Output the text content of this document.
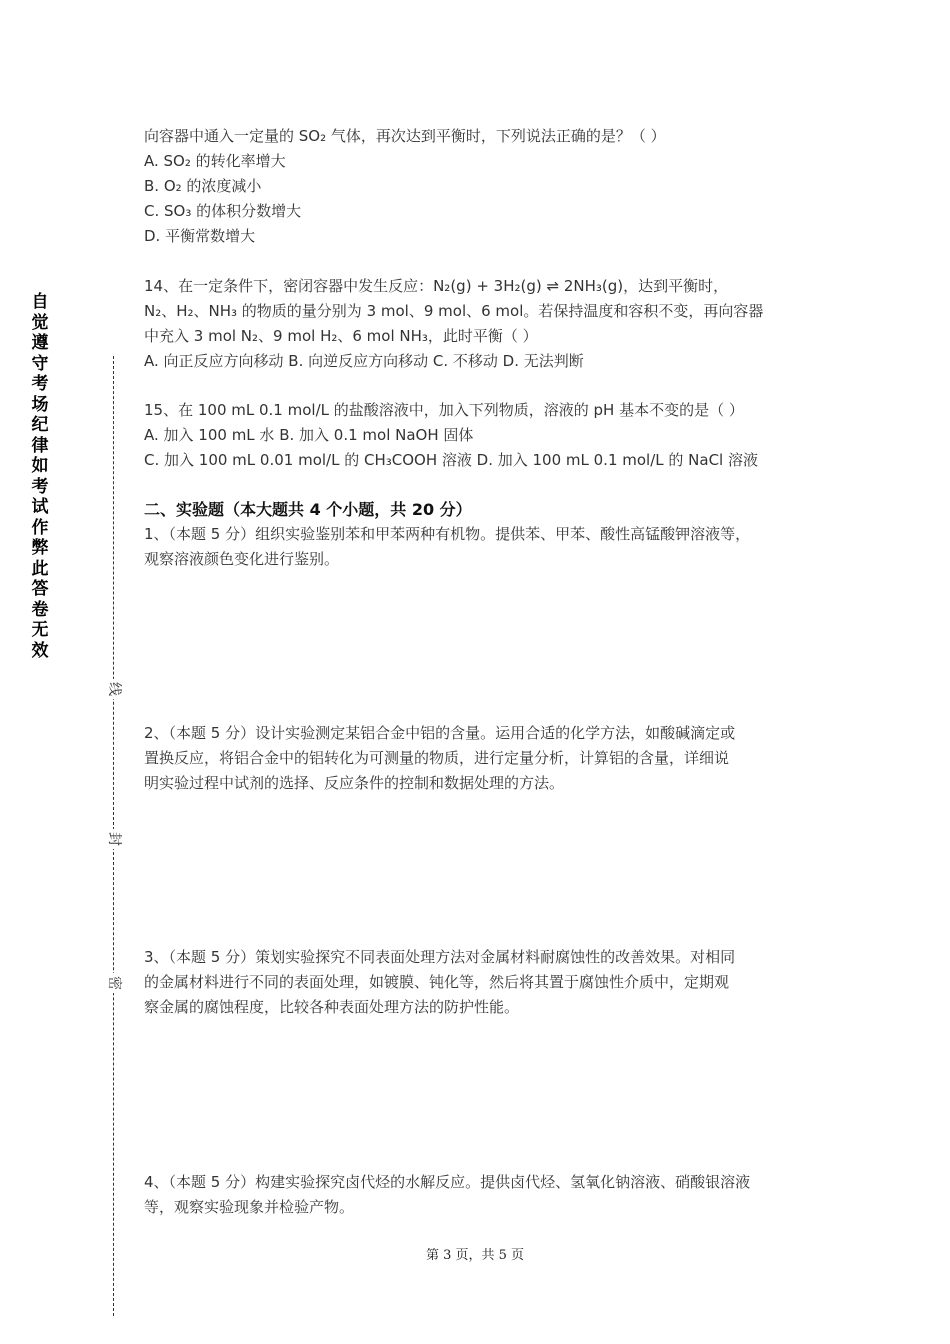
自
觉
遵
守
考
场
纪
律
如
考
试
作
弊
此
答
卷
无
效
线
封
密
向容器中通入一定量的 SO₂ 气体，再次达到平衡时，下列说法正确的是？（ ）
A. SO₂ 的转化率增大
B. O₂ 的浓度减小
C. SO₃ 的体积分数增大
D. 平衡常数增大
14、在一定条件下，密闭容器中发生反应：N₂(g) + 3H₂(g) ⇌ 2NH₃(g)，达到平衡时，
N₂、H₂、NH₃ 的物质的量分别为 3 mol、9 mol、6 mol。若保持温度和容积不变，再向容器
中充入 3 mol N₂、9 mol H₂、6 mol NH₃，此时平衡（ ）
A. 向正反应方向移动 B. 向逆反应方向移动 C. 不移动 D. 无法判断
15、在 100 mL 0.1 mol/L 的盐酸溶液中，加入下列物质，溶液的 pH 基本不变的是（ ）
A. 加入 100 mL 水 B. 加入 0.1 mol NaOH 固体
C. 加入 100 mL 0.01 mol/L 的 CH₃COOH 溶液 D. 加入 100 mL 0.1 mol/L 的 NaCl 溶液
二、实验题（本大题共 4 个小题，共 20 分）
1、（本题 5 分）组织实验鉴别苯和甲苯两种有机物。提供苯、甲苯、酸性高锰酸钾溶液等，
观察溶液颜色变化进行鉴别。
2、（本题 5 分）设计实验测定某铝合金中铝的含量。运用合适的化学方法，如酸碱滴定或
置换反应，将铝合金中的铝转化为可测量的物质，进行定量分析，计算铝的含量，详细说
明实验过程中试剂的选择、反应条件的控制和数据处理的方法。
3、（本题 5 分）策划实验探究不同表面处理方法对金属材料耐腐蚀性的改善效果。对相同
的金属材料进行不同的表面处理，如镀膜、钝化等，然后将其置于腐蚀性介质中，定期观
察金属的腐蚀程度，比较各种表面处理方法的防护性能。
4、（本题 5 分）构建实验探究卤代烃的水解反应。提供卤代烃、氢氧化钠溶液、硝酸银溶液
等，观察实验现象并检验产物。
第 3 页，共 5 页
